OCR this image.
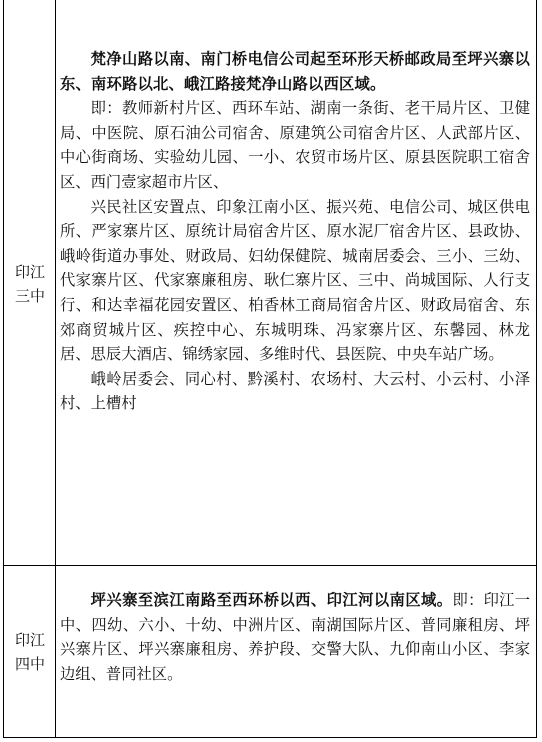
印江
三中

梵净山路以南、南门桥电信公司起至环形天桥邮政局至坪兴寨以东、南环路以北、峨江路接梵净山路以西区域。

即：教师新村片区、西环车站、湖南一条街、老干局片区、卫健局、中医院、原石油公司宿舍、原建筑公司宿舍片区、人武部片区、中心街商场、实验幼儿园、一小、农贸市场片区、原县医院职工宿舍区、西门壹家超市片区、

兴民社区安置点、印象江南小区、振兴苑、电信公司、城区供电所、严家寨片区、原统计局宿舍片区、原水泥厂宿舍片区、县政协、峨岭街道办事处、财政局、妇幼保健院、城南居委会、三小、三幼、代家寨片区、代家寨廉租房、耿仁寨片区、三中、尚城国际、人行支行、和达幸福花园安置区、柏香林工商局宿舍片区、财政局宿舍、东郊商贸城片区、疾控中心、东城明珠、冯家寨片区、东馨园、林龙居、思辰大酒店、锦绣家园、多维时代、县医院、中央车站广场。

峨岭居委会、同心村、黔溪村、农场村、大云村、小云村、小泽村、上槽村

印江
四中

坪兴寨至滨江南路至西环桥以西、印江河以南区域。即：印江一中、四幼、六小、十幼、中洲片区、南湖国际片区、普同廉租房、坪兴寨片区、坪兴寨廉租房、养护段、交警大队、九仰南山小区、李家边组、普同社区。
